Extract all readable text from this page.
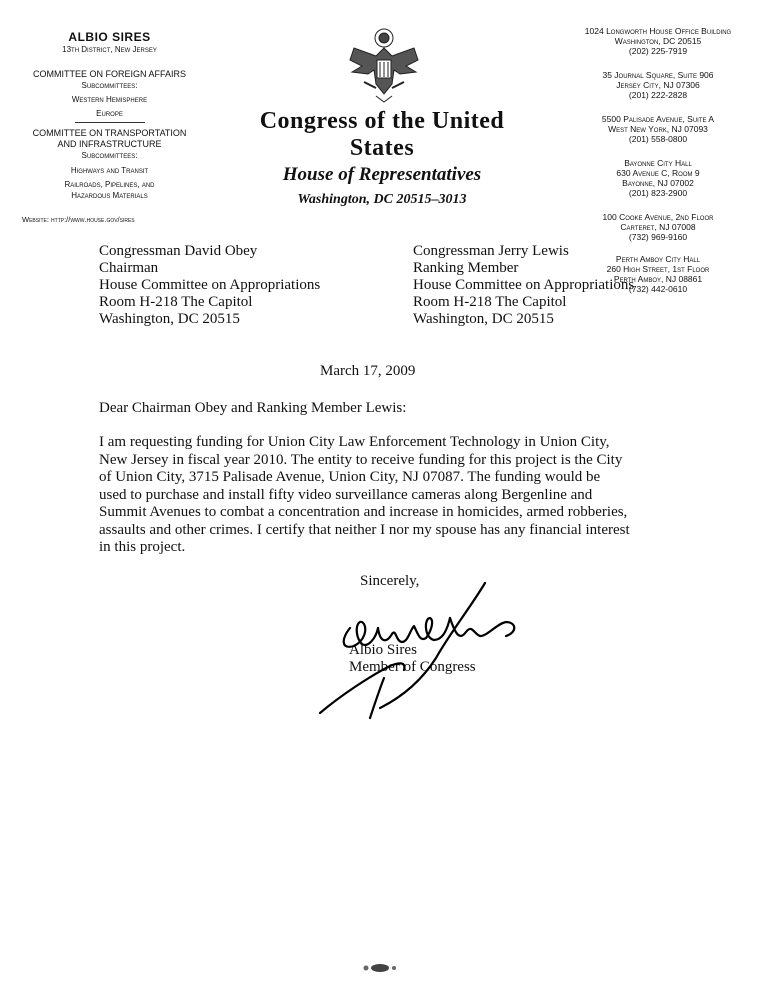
ALBIO SIRES
13th District, New Jersey
COMMITTEE ON FOREIGN AFFAIRS
Subcommittees:
Western Hemisphere
Europe
COMMITTEE ON TRANSPORTATION
AND INFRASTRUCTURE
Subcommittees:
Highways and Transit
Railroads, Pipelines, and
Hazardous Materials
Website: http://www.house.gov/sires
Congress of the United States
House of Representatives
Washington, DC 20515–3013
1024 Longworth House Office Building
Washington, DC 20515
(202) 225-7919
35 Journal Square, Suite 906
Jersey City, NJ 07306
(201) 222-2828
5500 Palisade Avenue, Suite A
West New York, NJ 07093
(201) 558-0800
Bayonne City Hall
630 Avenue C, Room 9
Bayonne, NJ 07002
(201) 823-2900
100 Cooke Avenue, 2nd Floor
Carteret, NJ 07008
(732) 969-9160
Perth Amboy City Hall
260 High Street, 1st Floor
Perth Amboy, NJ 08861
(732) 442-0610
Congressman David Obey
Chairman
House Committee on Appropriations
Room H-218 The Capitol
Washington, DC 20515
Congressman Jerry Lewis
Ranking Member
House Committee on Appropriations
Room H-218 The Capitol
Washington, DC 20515
March 17, 2009
Dear Chairman Obey and Ranking Member Lewis:
I am requesting funding for Union City Law Enforcement Technology in Union City,
New Jersey in fiscal year 2010. The entity to receive funding for this project is the City
of Union City, 3715 Palisade Avenue, Union City, NJ 07087. The funding would be
used to purchase and install fifty video surveillance cameras along Bergenline and
Summit Avenues to combat a concentration and increase in homicides, armed robberies,
assaults and other crimes. I certify that neither I nor my spouse has any financial interest
in this project.
Sincerely,
Albio Sires
Member of Congress
